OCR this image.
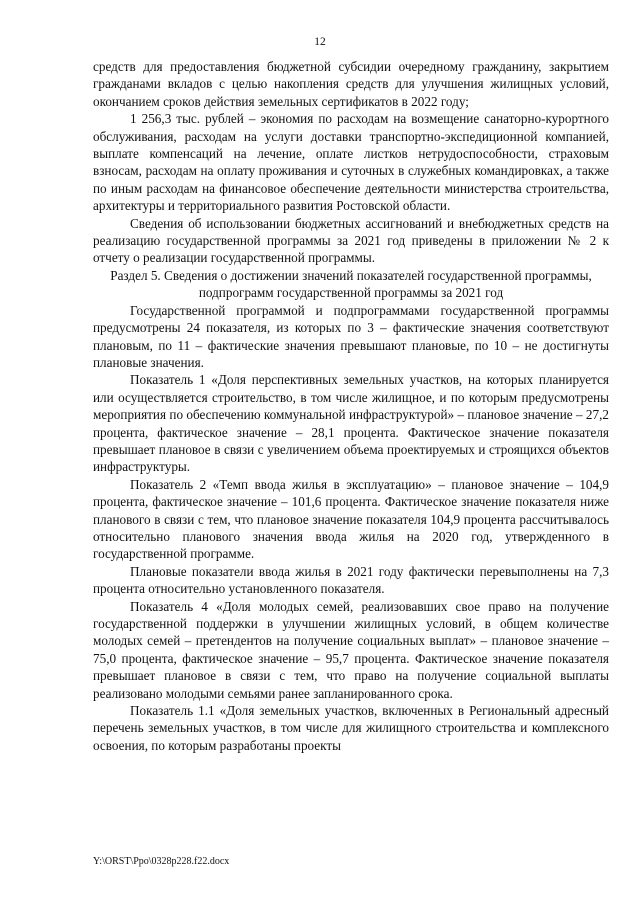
12

средств для предоставления бюджетной субсидии очередному гражданину, закрытием гражданами вкладов с целью накопления средств для улучшения жилищных условий, окончанием сроков действия земельных сертификатов в 2022 году;

1 256,3 тыс. рублей – экономия по расходам на возмещение санаторно-курортного обслуживания, расходам на услуги доставки транспортно-экспедиционной компанией, выплате компенсаций на лечение, оплате листков нетрудоспособности, страховым взносам, расходам на оплату проживания и суточных в служебных командировках, а также по иным расходам на финансовое обеспечение деятельности министерства строительства, архитектуры и территориального развития Ростовской области.

Сведения об использовании бюджетных ассигнований и внебюджетных средств на реализацию государственной программы за 2021 год приведены в приложении № 2 к отчету о реализации государственной программы.

Раздел 5. Сведения о достижении значений показателей государственной программы, подпрограмм государственной программы за 2021 год

Государственной программой и подпрограммами государственной программы предусмотрены 24 показателя, из которых по 3 – фактические значения соответствуют плановым, по 11 – фактические значения превышают плановые, по 10 – не достигнуты плановые значения.

Показатель 1 «Доля перспективных земельных участков, на которых планируется или осуществляется строительство, в том числе жилищное, и по которым предусмотрены мероприятия по обеспечению коммунальной инфраструктурой» – плановое значение – 27,2 процента, фактическое значение – 28,1 процента. Фактическое значение показателя превышает плановое в связи с увеличением объема проектируемых и строящихся объектов инфраструктуры.

Показатель 2 «Темп ввода жилья в эксплуатацию» – плановое значение – 104,9 процента, фактическое значение – 101,6 процента. Фактическое значение показателя ниже планового в связи с тем, что плановое значение показателя 104,9 процента рассчитывалось относительно планового значения ввода жилья на 2020 год, утвержденного в государственной программе.

Плановые показатели ввода жилья в 2021 году фактически перевыполнены на 7,3 процента относительно установленного показателя.

Показатель 4 «Доля молодых семей, реализовавших свое право на получение государственной поддержки в улучшении жилищных условий, в общем количестве молодых семей – претендентов на получение социальных выплат» – плановое значение – 75,0 процента, фактическое значение – 95,7 процента. Фактическое значение показателя превышает плановое в связи с тем, что право на получение социальной выплаты реализовано молодыми семьями ранее запланированного срока.

Показатель 1.1 «Доля земельных участков, включенных в Региональный адресный перечень земельных участков, в том числе для жилищного строительства и комплексного освоения, по которым разработаны проекты

Y:\ORST\Ppo\0328p228.f22.docx
